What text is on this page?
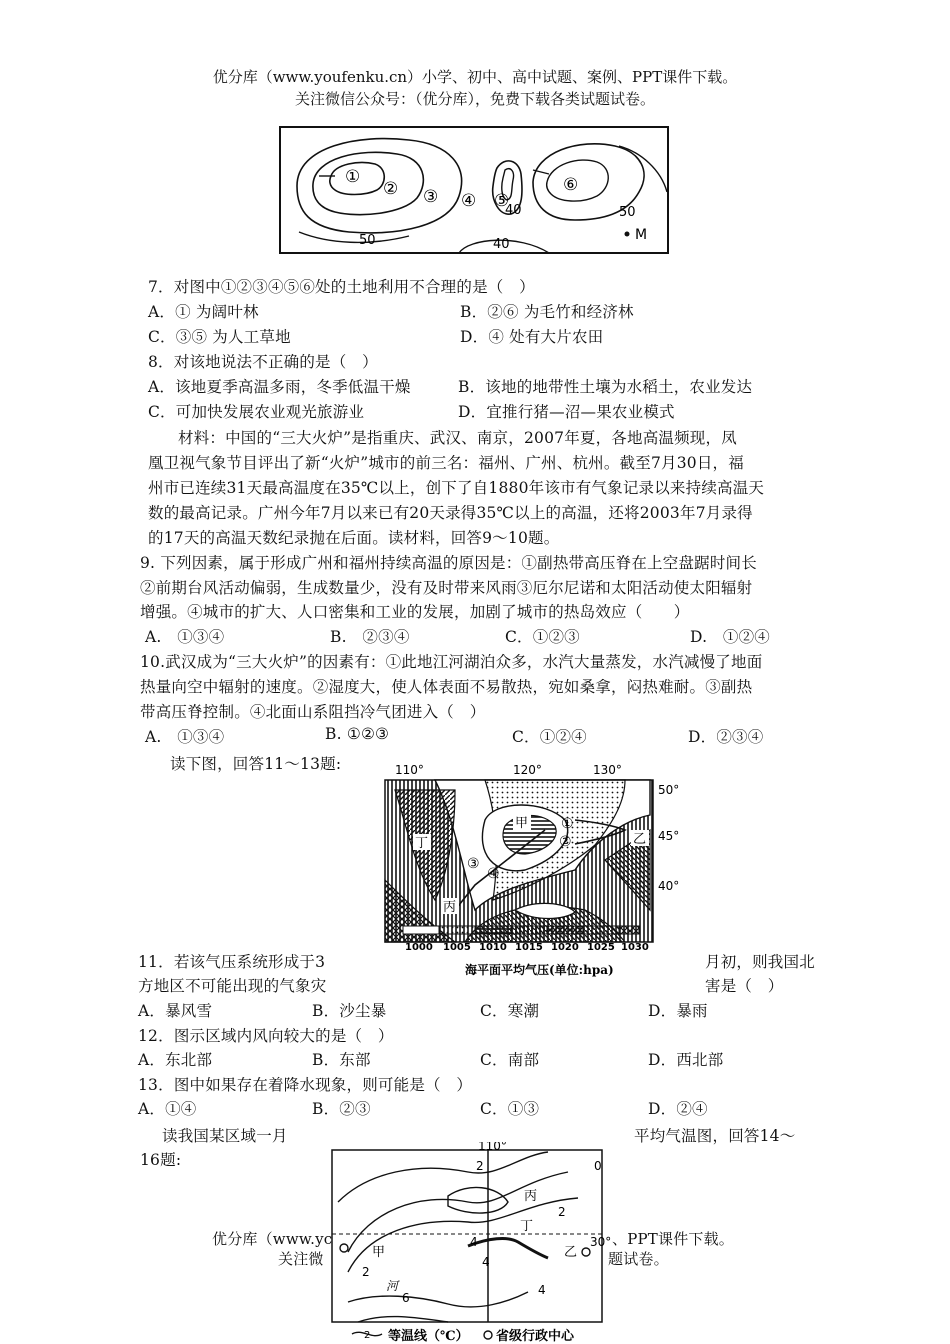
优分库（www.youfenku.cn）小学、初中、高中试题、案例、PPT课件下载。
关注微信公众号：（优分库），免费下载各类试题试卷。
①
② ③ ④ ⑤
⑥
50
40
40
50
M
7．对图中①②③④⑤⑥处的土地利用不合理的是（　）
A．① 为阔叶林	B．②⑥ 为毛竹和经济林
C．③⑤ 为人工草地	D．④ 处有大片农田
8．对该地说法不正确的是（　）
A．该地夏季高温多雨，冬季低温干燥	B．该地的地带性土壤为水稻土，农业发达
C．可加快发展农业观光旅游业	D．宜推行猪—沼—果农业模式
材料：中国的“三大火炉”是指重庆、武汉、南京，2007年夏，各地高温频现，凤
凰卫视气象节目评出了新“火炉”城市的前三名：福州、广州、杭州。截至7月30日，福
州市已连续31天最高温度在35℃以上，创下了自1880年该市有气象记录以来持续高温天
数的最高记录。广州今年7月以来已有20天录得35℃以上的高温，还将2003年7月录得
的17天的高温天数纪录抛在后面。读材料，回答9～10题。
9. 下列因素，属于形成广州和福州持续高温的原因是：①副热带高压脊在上空盘踞时间长
②前期台风活动偏弱，生成数量少，没有及时带来风雨③厄尔尼诺和太阳活动使太阳辐射
增强。④城市的扩大、人口密集和工业的发展，加剧了城市的热岛效应（　　）
A.　①③④	B.　②③④	C．①②③	D.　①②④
10.武汉成为“三大火炉”的因素有：①此地江河湖泊众多，水汽大量蒸发，水汽减慢了地面
热量向空中辐射的速度。②湿度大，使人体表面不易散热，宛如桑拿，闷热难耐。③副热
带高压脊控制。④北面山系阻挡冷气团进入（　）
A.　①③④	B. ①②③	C．①②④	D．②③④
读下图，回答11～13题:	110°	120°	130°
50°
45°
40°
甲
乙
丙
丁
①
②
③
④
1000 1005 1010 1015 1020 1025 1030
海平面平均气压(单位:hpa)
11．若该气压系统形成于3	月初，则我国北
方地区不可能出现的气象灾	害是（　）
A．暴风雪	B．沙尘暴	C．寒潮	D．暴雨
12．图示区域内风向较大的是（　）
A．东北部	B．东部	C．南部	D．西北部
13．图中如果存在着降水现象，则可能是（　）
A．①④	B．②③	C．①③	D．②④
读我国某区域一月	平均气温图，回答14～
16题:
优分库（www.yc	、PPT课件下载。
关注微	题试卷。
110°
30°
甲	乙
丙
丁
2
2
4
4
6
0
2
4
河
2 等温线（℃） 省级行政中心
